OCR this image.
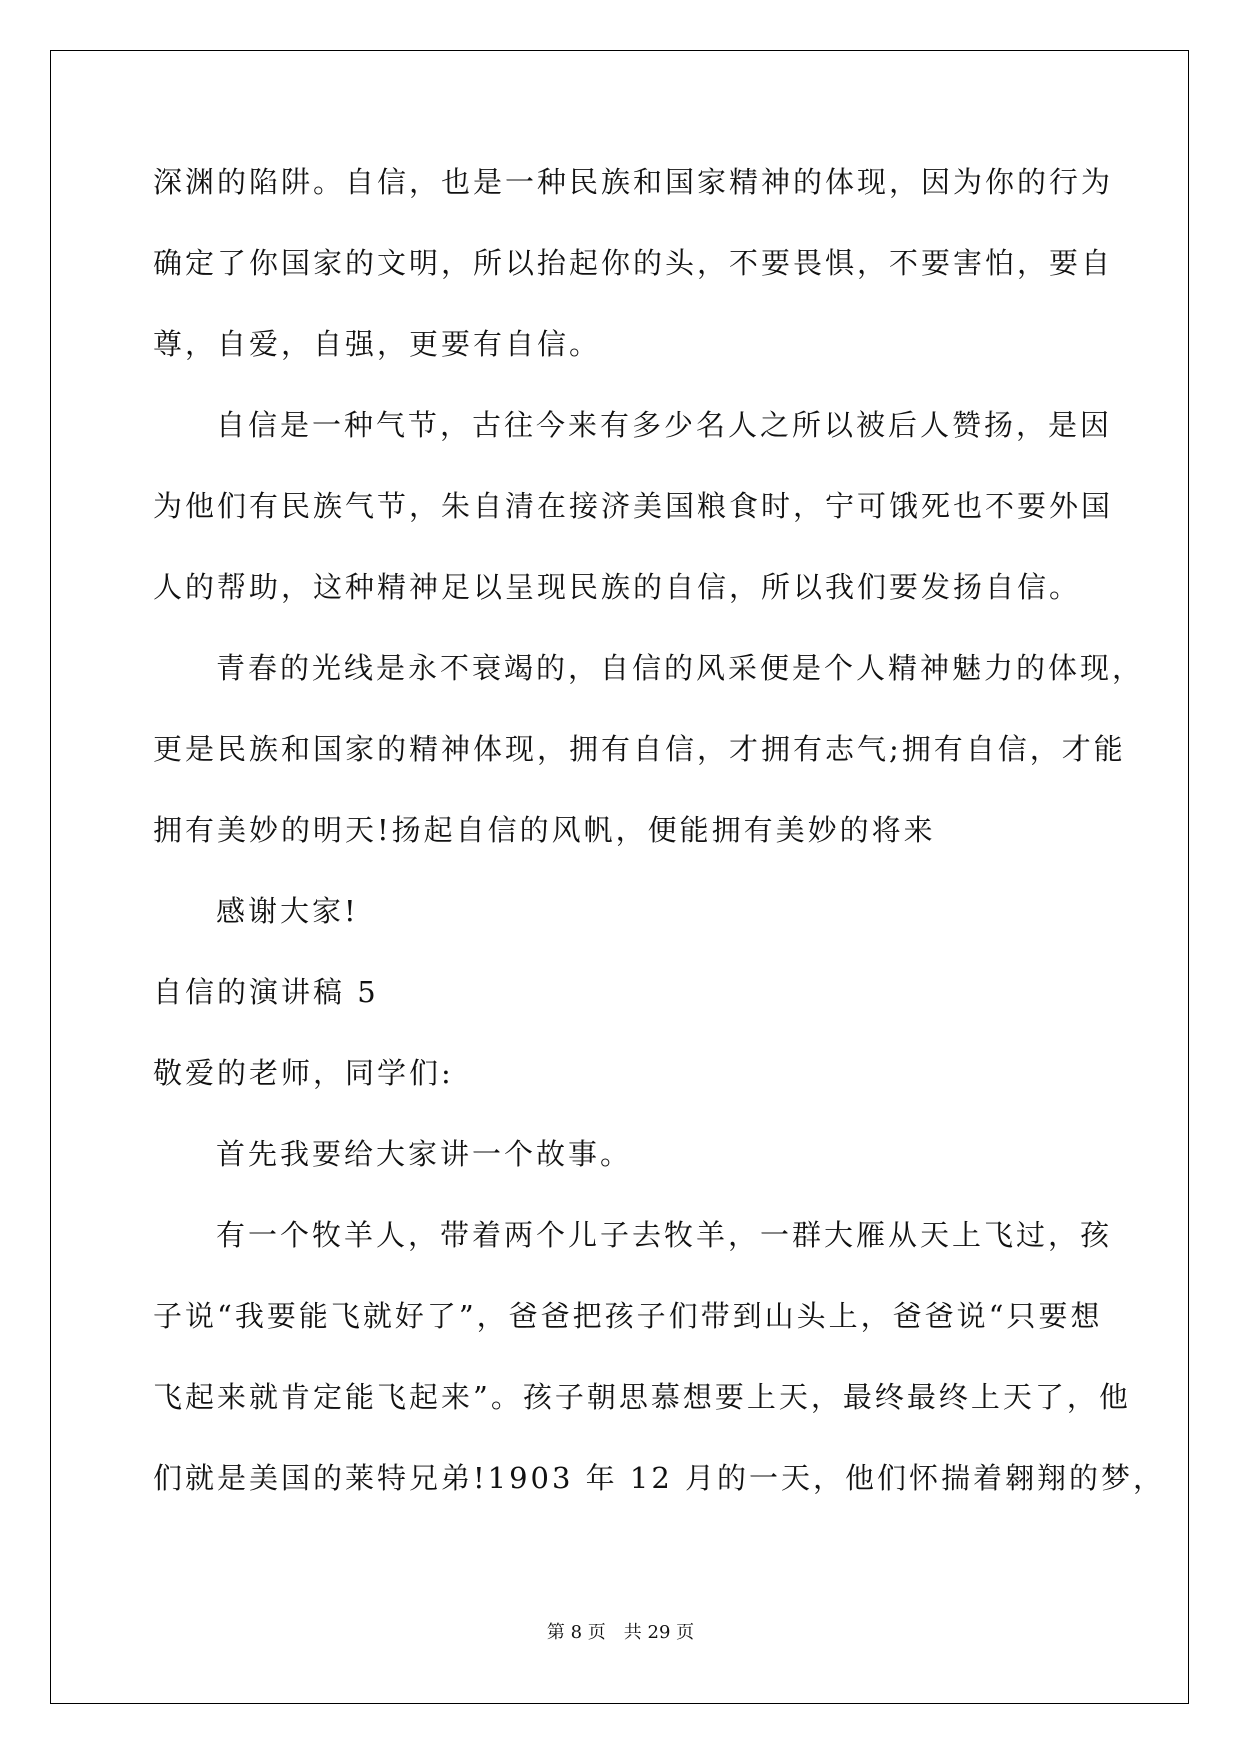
深渊的陷阱。自信，也是一种民族和国家精神的体现，因为你的行为
确定了你国家的文明，所以抬起你的头，不要畏惧，不要害怕，要自
尊，自爱，自强，更要有自信。
自信是一种气节，古往今来有多少名人之所以被后人赞扬，是因
为他们有民族气节，朱自清在接济美国粮食时，宁可饿死也不要外国
人的帮助，这种精神足以呈现民族的自信，所以我们要发扬自信。
青春的光线是永不衰竭的，自信的风采便是个人精神魅力的体现，
更是民族和国家的精神体现，拥有自信，才拥有志气;拥有自信，才能
拥有美妙的明天!扬起自信的风帆，便能拥有美妙的将来
感谢大家!
自信的演讲稿 5
敬爱的老师，同学们:
首先我要给大家讲一个故事。
有一个牧羊人，带着两个儿子去牧羊，一群大雁从天上飞过，孩
子说“我要能飞就好了”，爸爸把孩子们带到山头上，爸爸说“只要想
飞起来就肯定能飞起来”。孩子朝思慕想要上天，最终最终上天了，他
们就是美国的莱特兄弟!1903 年 12 月的一天，他们怀揣着翱翔的梦，
第 8 页　共 29 页
